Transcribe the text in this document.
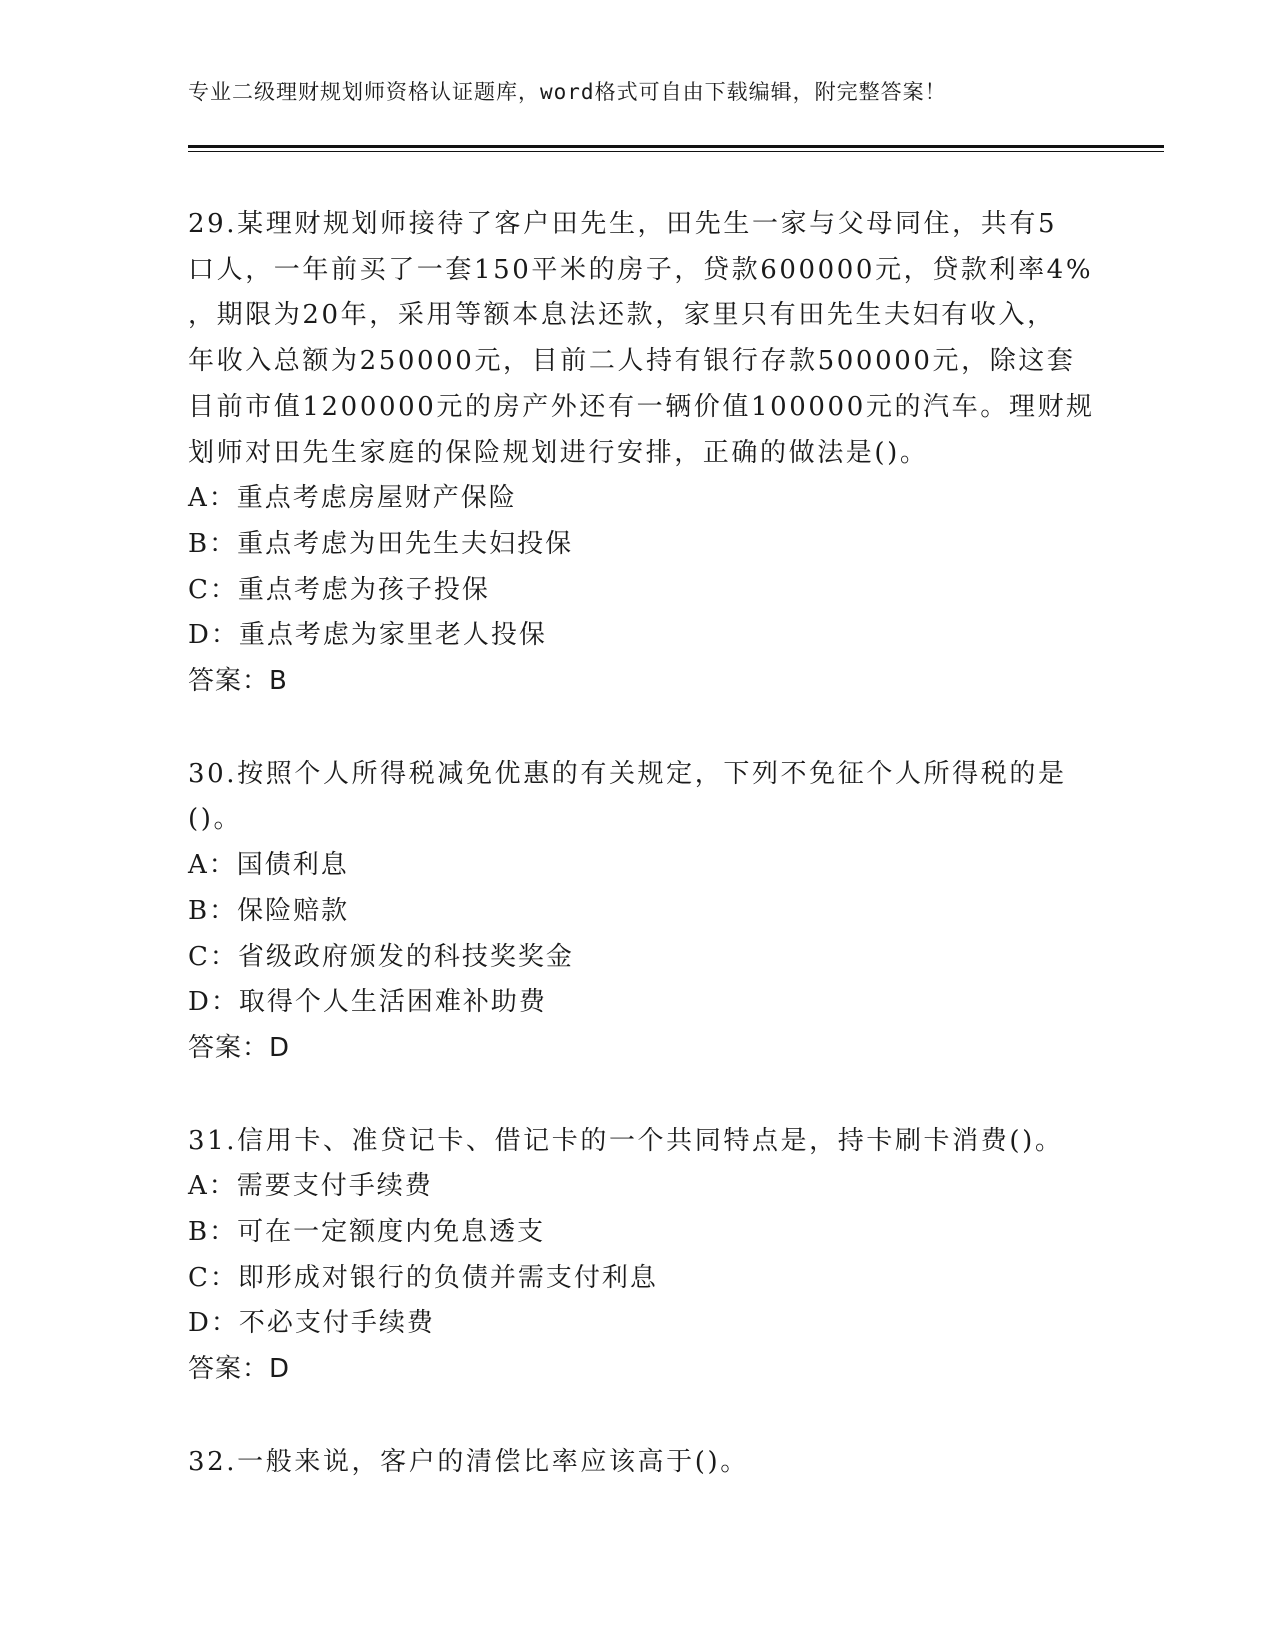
专业二级理财规划师资格认证题库，word格式可自由下载编辑，附完整答案！
29.某理财规划师接待了客户田先生，田先生一家与父母同住，共有5
口人，一年前买了一套150平米的房子，贷款600000元，贷款利率4%
，期限为20年，采用等额本息法还款，家里只有田先生夫妇有收入，
年收入总额为250000元，目前二人持有银行存款500000元，除这套
目前市值1200000元的房产外还有一辆价值100000元的汽车。理财规
划师对田先生家庭的保险规划进行安排，正确的做法是()。
A：重点考虑房屋财产保险
B：重点考虑为田先生夫妇投保
C：重点考虑为孩子投保
D：重点考虑为家里老人投保
答案：B
30.按照个人所得税减免优惠的有关规定，下列不免征个人所得税的是
()。
A：国债利息
B：保险赔款
C：省级政府颁发的科技奖奖金
D：取得个人生活困难补助费
答案：D
31.信用卡、准贷记卡、借记卡的一个共同特点是，持卡刷卡消费()。
A：需要支付手续费
B：可在一定额度内免息透支
C：即形成对银行的负债并需支付利息
D：不必支付手续费
答案：D
32.一般来说，客户的清偿比率应该高于()。
